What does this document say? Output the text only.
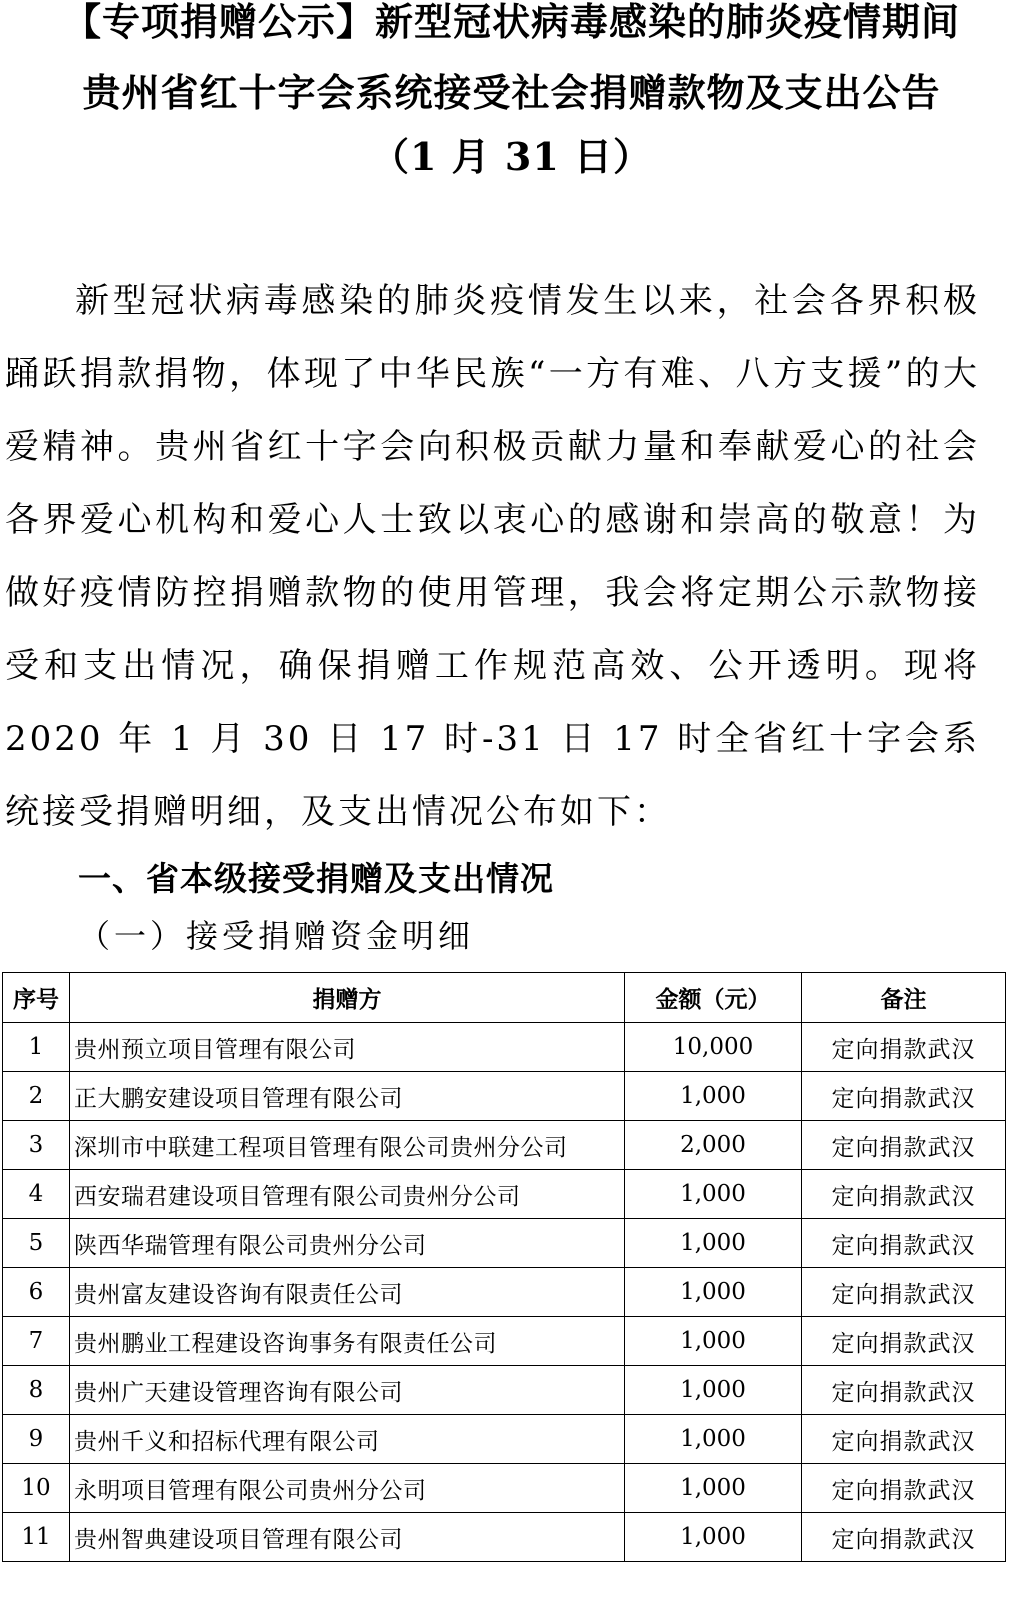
【专项捐赠公示】新型冠状病毒感染的肺炎疫情期间
贵州省红十字会系统接受社会捐赠款物及支出公告
（1 月 31 日）

新型冠状病毒感染的肺炎疫情发生以来，社会各界积极踊跃捐款捐物，体现了中华民族“一方有难、八方支援”的大爱精神。贵州省红十字会向积极贡献力量和奉献爱心的社会各界爱心机构和爱心人士致以衷心的感谢和崇高的敬意！为做好疫情防控捐赠款物的使用管理，我会将定期公示款物接受和支出情况，确保捐赠工作规范高效、公开透明。现将2020 年 1 月 30 日 17 时-31 日 17 时全省红十字会系统接受捐赠明细，及支出情况公布如下：

一、省本级接受捐赠及支出情况
（一）接受捐赠资金明细
序号	捐赠方	金额（元）	备注
1	贵州预立项目管理有限公司	10,000	定向捐款武汉
2	正大鹏安建设项目管理有限公司	1,000	定向捐款武汉
3	深圳市中联建工程项目管理有限公司贵州分公司	2,000	定向捐款武汉
4	西安瑞君建设项目管理有限公司贵州分公司	1,000	定向捐款武汉
5	陕西华瑞管理有限公司贵州分公司	1,000	定向捐款武汉
6	贵州富友建设咨询有限责任公司	1,000	定向捐款武汉
7	贵州鹏业工程建设咨询事务有限责任公司	1,000	定向捐款武汉
8	贵州广天建设管理咨询有限公司	1,000	定向捐款武汉
9	贵州千义和招标代理有限公司	1,000	定向捐款武汉
10	永明项目管理有限公司贵州分公司	1,000	定向捐款武汉
11	贵州智典建设项目管理有限公司	1,000	定向捐款武汉
